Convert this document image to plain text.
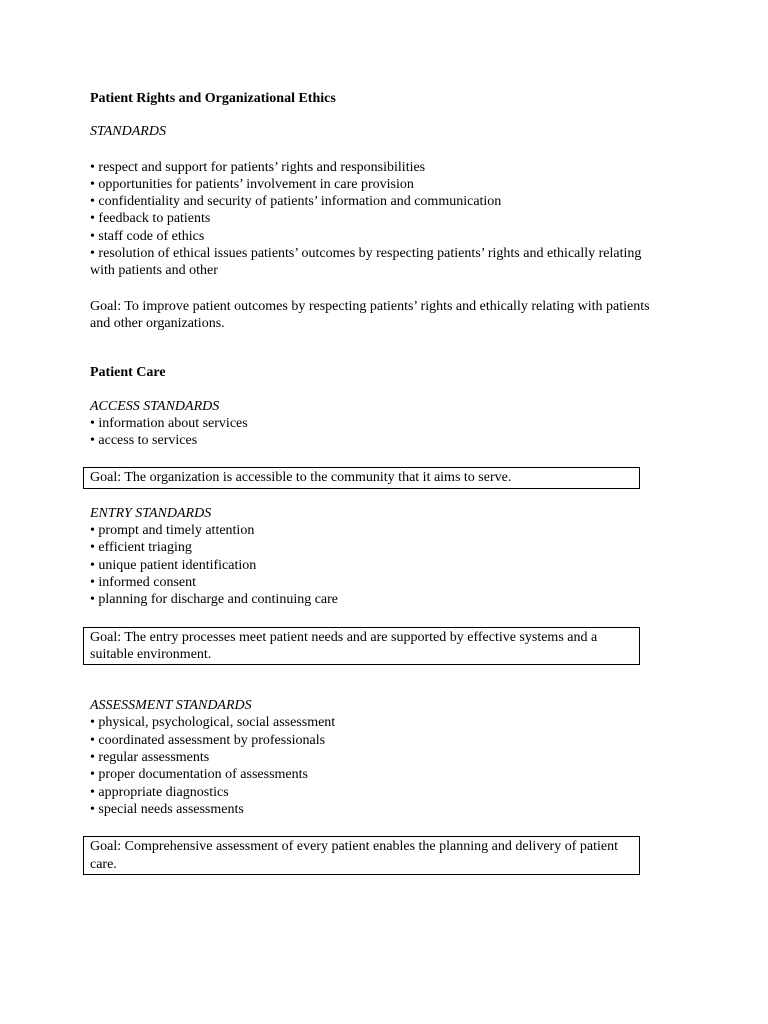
Patient Rights and Organizational Ethics
STANDARDS
• respect and support for patients’ rights and responsibilities
• opportunities for patients’ involvement in care provision
• confidentiality and security of patients’ information and communication
• feedback to patients
• staff code of ethics
• resolution of ethical issues patients’ outcomes by respecting patients’ rights and ethically relating with patients and other
Goal: To improve patient outcomes by respecting patients’ rights and ethically relating with patients and other organizations.
Patient Care
ACCESS STANDARDS
• information about services
• access to services
Goal: The organization is accessible to the community that it aims to serve.
ENTRY STANDARDS
• prompt and timely attention
• efficient triaging
• unique patient identification
• informed consent
• planning for discharge and continuing care
Goal: The entry processes meet patient needs and are supported by effective systems and a suitable environment.
ASSESSMENT STANDARDS
• physical, psychological, social assessment
• coordinated assessment by professionals
• regular assessments
• proper documentation of assessments
• appropriate diagnostics
• special needs assessments
Goal: Comprehensive assessment of every patient enables the planning and delivery of patient care.
